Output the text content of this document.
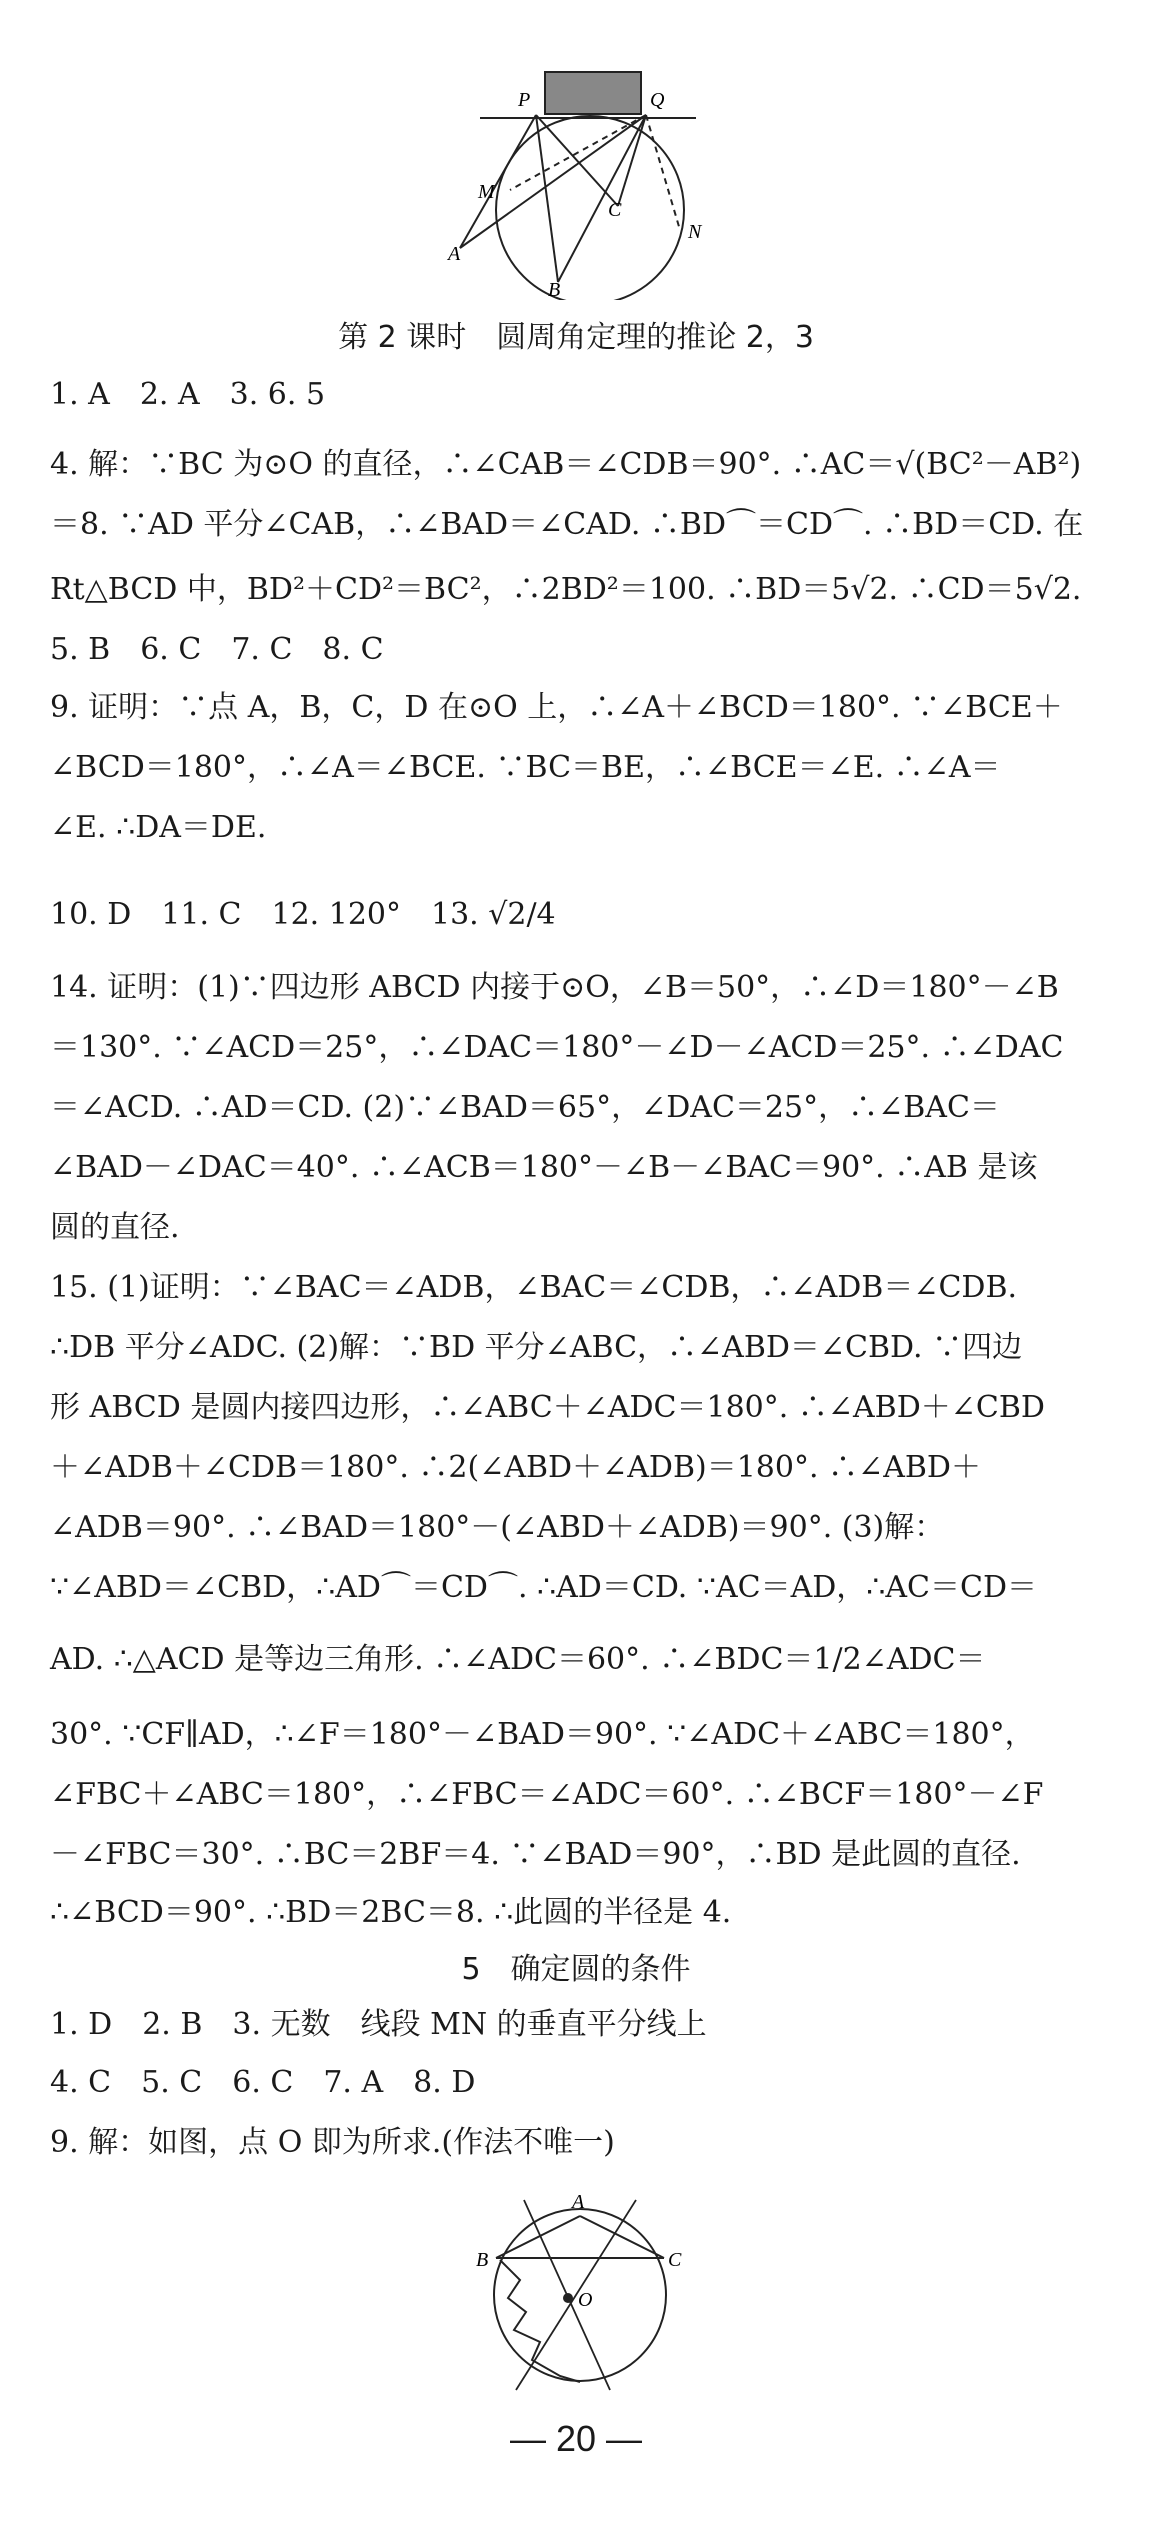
P	Q
M
C
N
A
B
第 2 课时　圆周角定理的推论 2，3
1. A　2. A　3. 6. 5
4. 解：∵BC 为⊙O 的直径，∴∠CAB＝∠CDB＝90°. ∴AC＝√(BC²－AB²)
＝8. ∵AD 平分∠CAB，∴∠BAD＝∠CAD. ∴BD⌒＝CD⌒. ∴BD＝CD. 在
Rt△BCD 中，BD²＋CD²＝BC²，∴2BD²＝100. ∴BD＝5√2. ∴CD＝5√2.
5. B　6. C　7. C　8. C
9. 证明：∵点 A，B，C，D 在⊙O 上，∴∠A＋∠BCD＝180°. ∵∠BCE＋
∠BCD＝180°，∴∠A＝∠BCE. ∵BC＝BE，∴∠BCE＝∠E. ∴∠A＝
∠E. ∴DA＝DE.
10. D　11. C　12. 120°　13. √2/4
14. 证明：(1)∵四边形 ABCD 内接于⊙O，∠B＝50°，∴∠D＝180°－∠B
＝130°. ∵∠ACD＝25°，∴∠DAC＝180°－∠D－∠ACD＝25°. ∴∠DAC
＝∠ACD. ∴AD＝CD. (2)∵∠BAD＝65°，∠DAC＝25°，∴∠BAC＝
∠BAD－∠DAC＝40°. ∴∠ACB＝180°－∠B－∠BAC＝90°. ∴AB 是该
圆的直径.
15. (1)证明：∵∠BAC＝∠ADB，∠BAC＝∠CDB，∴∠ADB＝∠CDB.
∴DB 平分∠ADC. (2)解：∵BD 平分∠ABC，∴∠ABD＝∠CBD. ∵四边
形 ABCD 是圆内接四边形，∴∠ABC＋∠ADC＝180°. ∴∠ABD＋∠CBD
＋∠ADB＋∠CDB＝180°. ∴2(∠ABD＋∠ADB)＝180°. ∴∠ABD＋
∠ADB＝90°. ∴∠BAD＝180°－(∠ABD＋∠ADB)＝90°. (3)解：
∵∠ABD＝∠CBD，∴AD⌒＝CD⌒. ∴AD＝CD. ∵AC＝AD，∴AC＝CD＝
AD. ∴△ACD 是等边三角形. ∴∠ADC＝60°. ∴∠BDC＝1/2∠ADC＝
30°. ∵CF∥AD，∴∠F＝180°－∠BAD＝90°. ∵∠ADC＋∠ABC＝180°，
∠FBC＋∠ABC＝180°，∴∠FBC＝∠ADC＝60°. ∴∠BCF＝180°－∠F
－∠FBC＝30°. ∴BC＝2BF＝4. ∵∠BAD＝90°，∴BD 是此圆的直径.
∴∠BCD＝90°. ∴BD＝2BC＝8. ∴此圆的半径是 4.
5　确定圆的条件
1. D　2. B　3. 无数　线段 MN 的垂直平分线上
4. C　5. C　6. C　7. A　8. D
9. 解：如图，点 O 即为所求.(作法不唯一)
A
B	C
O
— 20 —
